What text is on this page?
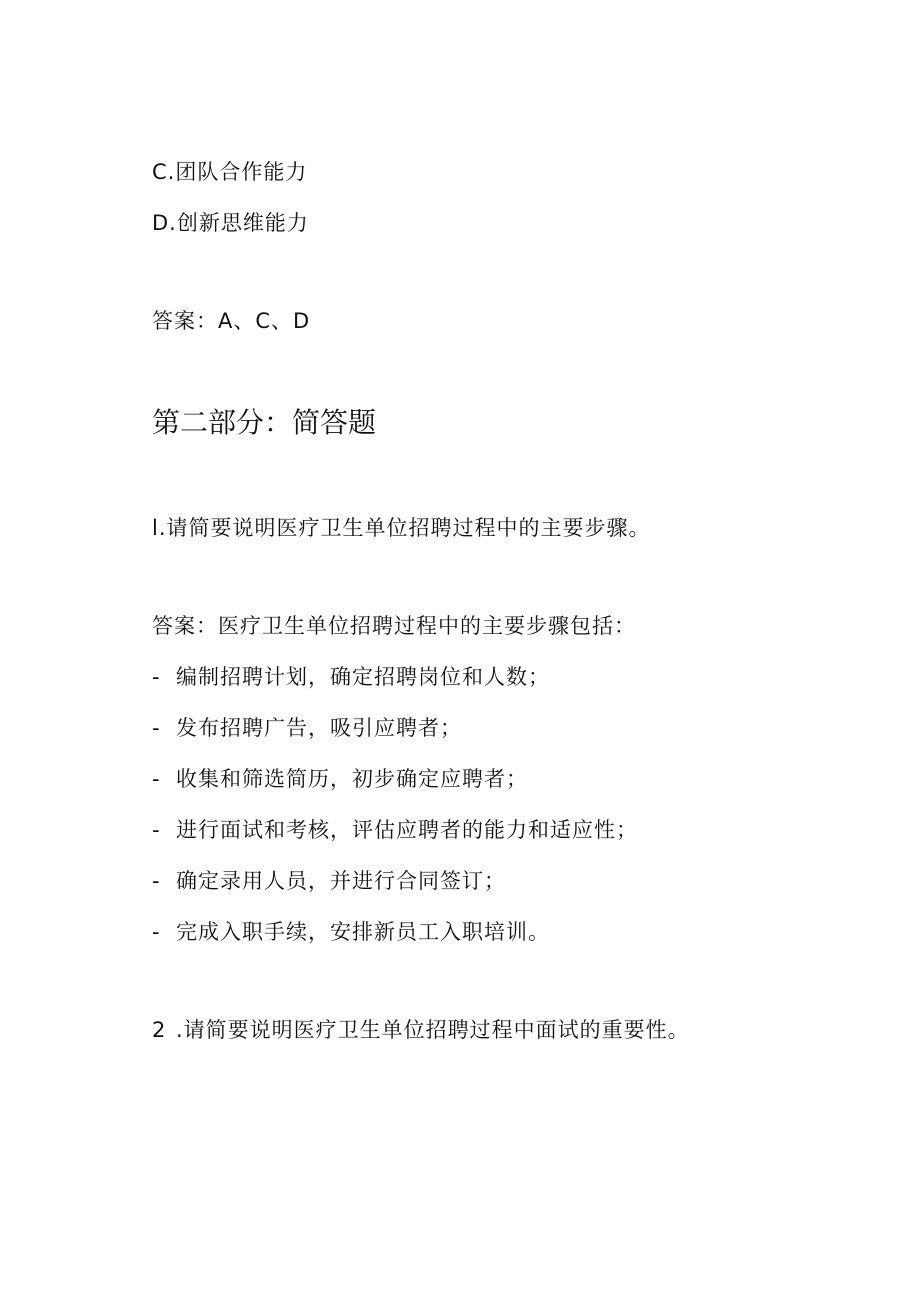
C.团队合作能力
D.创新思维能力
答案：A、C、D
第二部分：简答题
l.请简要说明医疗卫生单位招聘过程中的主要步骤。
答案：医疗卫生单位招聘过程中的主要步骤包括：
- 编制招聘计划，确定招聘岗位和人数；
- 发布招聘广告，吸引应聘者；
- 收集和筛选简历，初步确定应聘者；
- 进行面试和考核，评估应聘者的能力和适应性；
- 确定录用人员，并进行合同签订；
- 完成入职手续，安排新员工入职培训。
2 .请简要说明医疗卫生单位招聘过程中面试的重要性。
